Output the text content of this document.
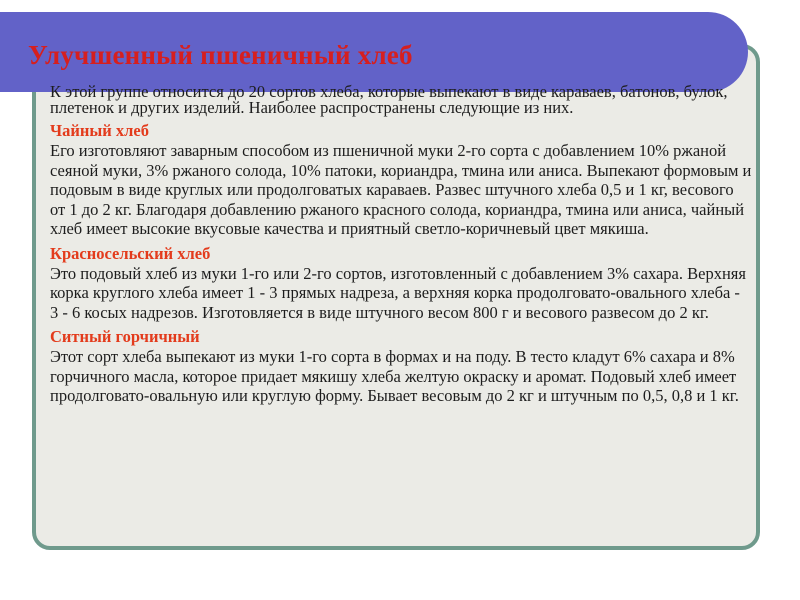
Улучшенный пшеничный хлеб

К этой группе относится до 20 сортов хлеба, которые выпекают в виде караваев, батонов, булок, плетенок и других изделий. Наиболее распространены следующие из них.

Чайный хлеб

Его изготовляют заварным способом из пшеничной муки 2-го сорта с добавлением 10% ржаной сеяной муки, 3% ржаного солода, 10% патоки, кориандра, тмина или аниса. Выпекают формовым и подовым в виде круглых или продолговатых караваев. Развес штучного хлеба 0,5 и 1 кг, весового от 1 до 2 кг. Благодаря добавлению ржаного красного солода, кориандра, тмина или аниса, чайный хлеб имеет высокие вкусовые качества и приятный светло-коричневый цвет мякиша.

Красносельский хлеб

Это подовый хлеб из муки 1-го или 2-го сортов, изготовленный с добавлением 3% сахара. Верхняя корка круглого хлеба имеет 1 - 3 прямых надреза, а верхняя корка продолговато-овального хлеба - 3 - 6 косых надрезов. Изготовляется в виде штучного весом 800 г и весового развесом до 2 кг.

Ситный горчичный

Этот сорт хлеба выпекают из муки 1-го сорта в формах и на поду. В тесто кладут 6% сахара и 8% горчичного масла, которое придает мякишу хлеба желтую окраску и аромат. Подовый хлеб имеет продолговато-овальную или круглую форму. Бывает весовым до 2 кг и штучным по 0,5, 0,8 и 1 кг.
